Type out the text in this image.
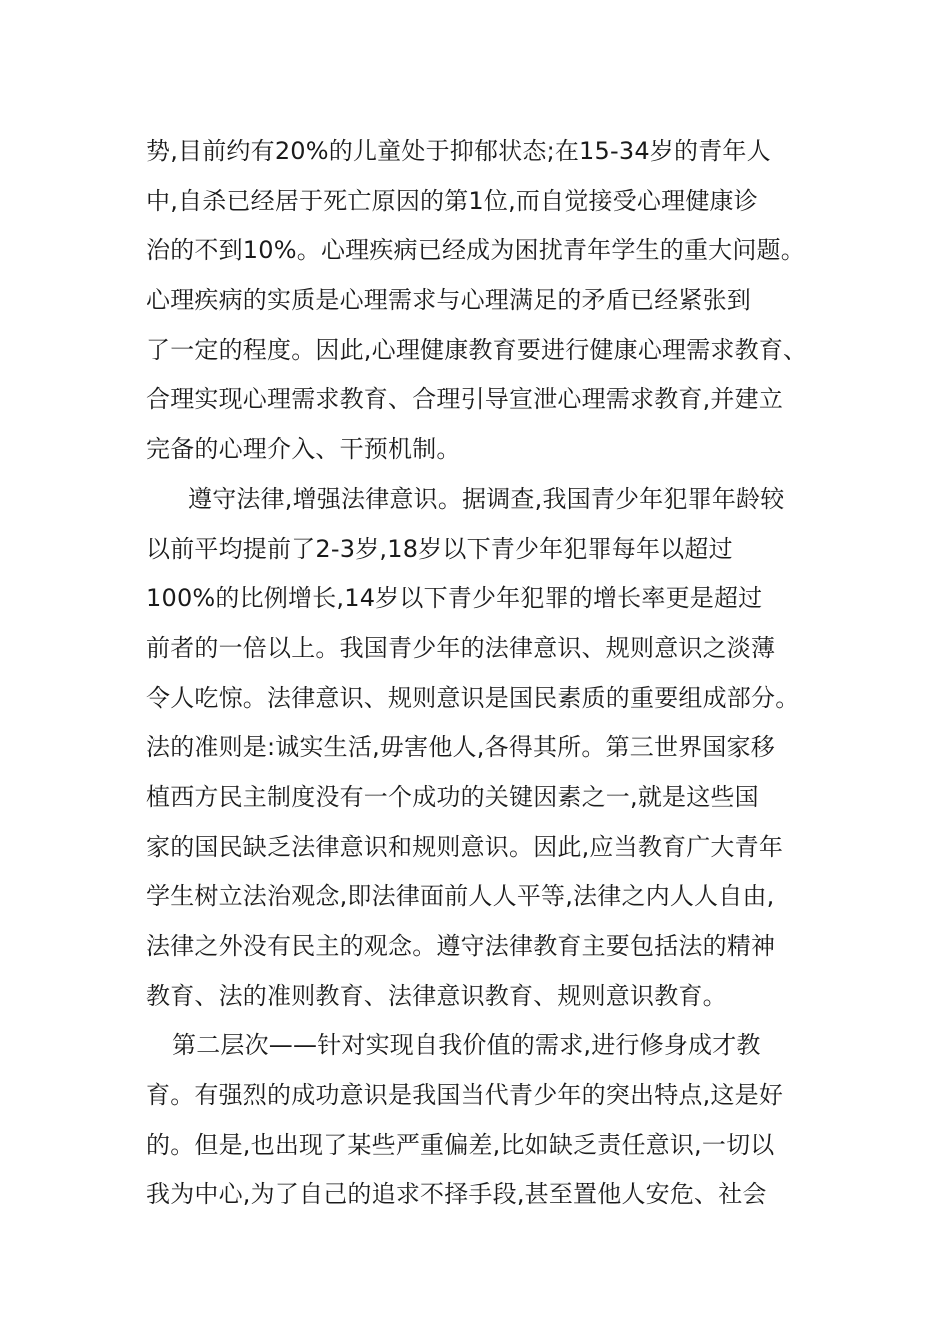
势,目前约有20%的儿童处于抑郁状态;在15-34岁的青年人
中,自杀已经居于死亡原因的第1位,而自觉接受心理健康诊
治的不到10%。心理疾病已经成为困扰青年学生的重大问题。
心理疾病的实质是心理需求与心理满足的矛盾已经紧张到
了一定的程度。因此,心理健康教育要进行健康心理需求教育、
合理实现心理需求教育、合理引导宣泄心理需求教育,并建立
完备的心理介入、干预机制。
遵守法律,增强法律意识。据调查,我国青少年犯罪年龄较
以前平均提前了2-3岁,18岁以下青少年犯罪每年以超过
100%的比例增长,14岁以下青少年犯罪的增长率更是超过
前者的一倍以上。我国青少年的法律意识、规则意识之淡薄
令人吃惊。法律意识、规则意识是国民素质的重要组成部分。
法的准则是:诚实生活,毋害他人,各得其所。第三世界国家移
植西方民主制度没有一个成功的关键因素之一,就是这些国
家的国民缺乏法律意识和规则意识。因此,应当教育广大青年
学生树立法治观念,即法律面前人人平等,法律之内人人自由,
法律之外没有民主的观念。遵守法律教育主要包括法的精神
教育、法的准则教育、法律意识教育、规则意识教育。
第二层次——针对实现自我价值的需求,进行修身成才教
育。有强烈的成功意识是我国当代青少年的突出特点,这是好
的。但是,也出现了某些严重偏差,比如缺乏责任意识,一切以
我为中心,为了自己的追求不择手段,甚至置他人安危、社会
